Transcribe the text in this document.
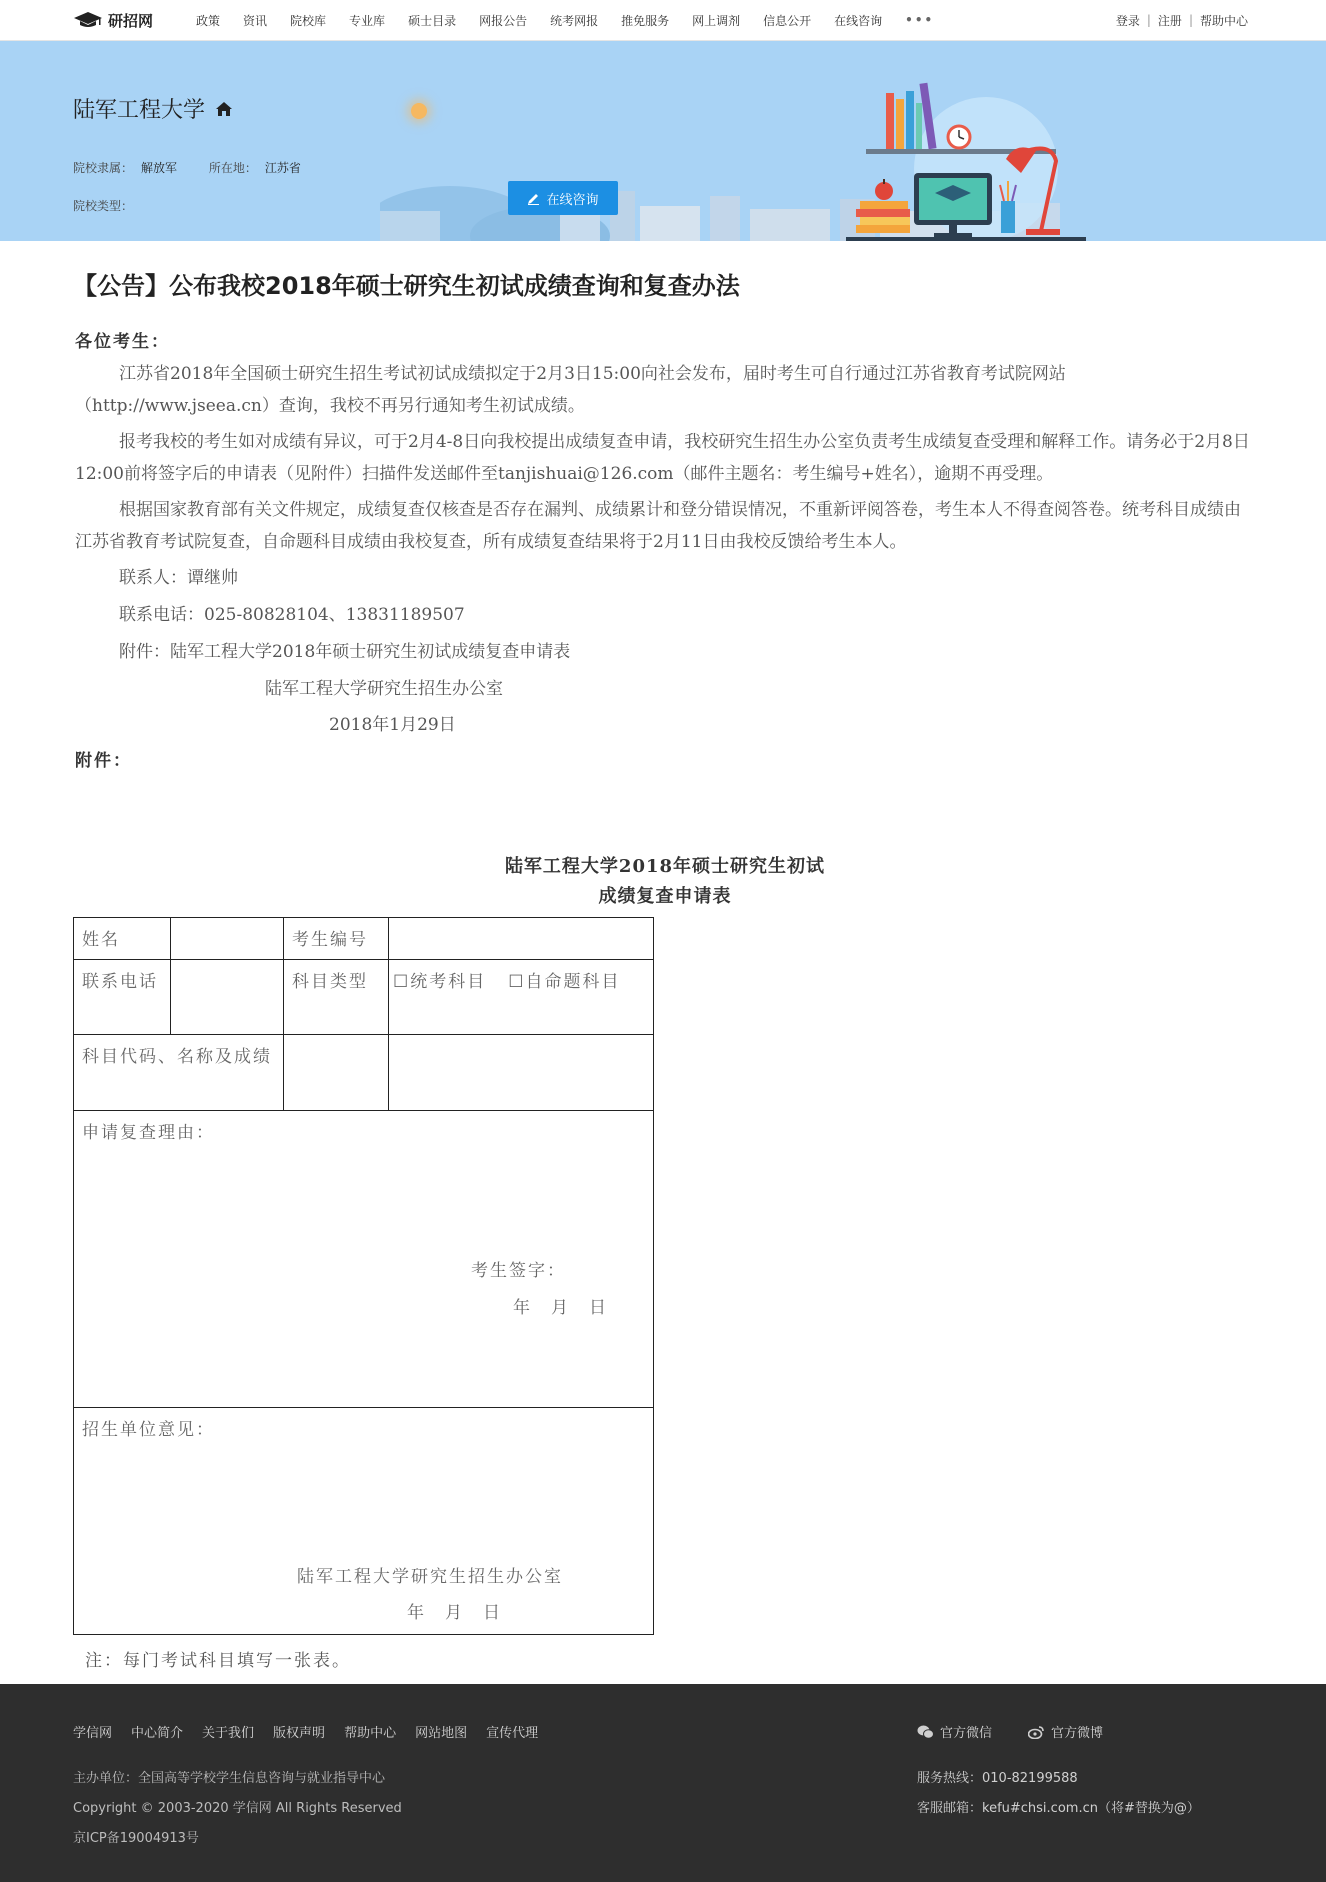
研招网	政策 资讯 院校库 专业库 硕士目录 网报公告 统考网报 推免服务 网上调剂 信息公开 在线咨询 •••	登录 | 注册 | 帮助中心
陆军工程大学
院校隶属： 解放军	所在地： 江苏省
院校类型：	在线咨询
【公告】公布我校2018年硕士研究生初试成绩查询和复查办法

各位考生：

江苏省2018年全国硕士研究生招生考试初试成绩拟定于2月3日15:00向社会发布，届时考生可自行通过江苏省教育考试院网站（http://www.jseea.cn）查询，我校不再另行通知考生初试成绩。

报考我校的考生如对成绩有异议，可于2月4-8日向我校提出成绩复查申请，我校研究生招生办公室负责考生成绩复查受理和解释工作。请务必于2月8日12:00前将签字后的申请表（见附件）扫描件发送邮件至tanjishuai@126.com（邮件主题名：考生编号+姓名），逾期不再受理。

根据国家教育部有关文件规定，成绩复查仅核查是否存在漏判、成绩累计和登分错误情况，不重新评阅答卷，考生本人不得查阅答卷。统考科目成绩由江苏省教育考试院复查，自命题科目成绩由我校复查，所有成绩复查结果将于2月11日由我校反馈给考生本人。

联系人：谭继帅

联系电话：025-80828104、13831189507

附件：陆军工程大学2018年硕士研究生初试成绩复查申请表

陆军工程大学研究生招生办公室

2018年1月29日

附件：

陆军工程大学2018年硕士研究生初试
成绩复查申请表
姓名	考生编号
联系电话	科目类型	☐统考科目 ☐自命题科目
科目代码、名称及成绩
申请复查理由：
考生签字：
年　月　日
招生单位意见：
陆军工程大学研究生招生办公室
年　月　日
注：每门考试科目填写一张表。
学信网 中心简介 关于我们 版权声明 帮助中心 网站地图 宣传代理
主办单位：全国高等学校学生信息咨询与就业指导中心
Copyright © 2003-2020 学信网 All Rights Reserved
京ICP备19004913号
官方微信	官方微博
服务热线：010-82199588
客服邮箱：kefu#chsi.com.cn（将#替换为@）
